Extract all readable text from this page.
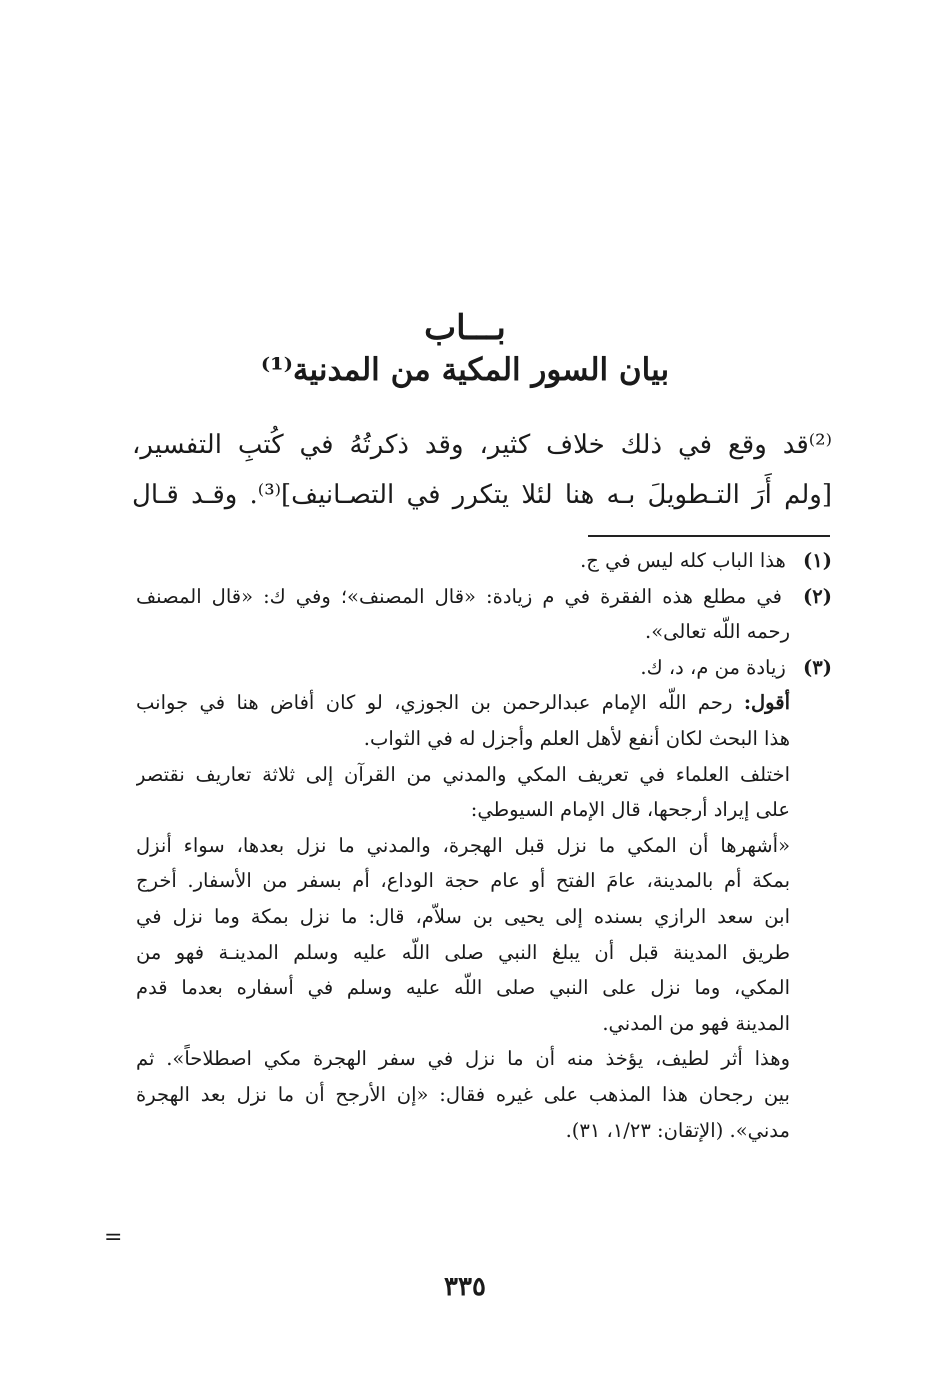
بـــاب
بيان السور المكية من المدنية⁽¹⁾
⁽²⁾قد وقع في ذلك خلاف كثير، وقد ذكرتُهُ في كُتبِ التفسير،
[ولم أَرَ التـطويلَ بـه هنا لئلا يتكرر في التصـانيف]⁽³⁾. وقـد قـال
(١) هذا الباب كله ليس في ج.
(٢) في مطلع هذه الفقرة في م زيادة: «قال المصنف»؛ وفي ك: «قال المصنف
رحمه اللّه تعالى».
(٣) زيادة من م، د، ك.
أقول: رحم اللّه الإمام عبدالرحمن بن الجوزي، لو كان أفاض هنا في جوانب
هذا البحث لكان أنفع لأهل العلم وأجزل له في الثواب.
اختلف العلماء في تعريف المكي والمدني من القرآن إلى ثلاثة تعاريف نقتصر
على إيراد أرجحها، قال الإمام السيوطي:
«أشهرها أن المكي ما نزل قبل الهجرة، والمدني ما نزل بعدها، سواء أنزل
بمكة أم بالمدينة، عامَ الفتح أو عام حجة الوداع، أم بسفر من الأسفار. أخرج
ابن سعد الرازي بسنده إلى يحيى بن سلاّم، قال: ما نزل بمكة وما نزل في
طريق المدينة قبل أن يبلغ النبي صلى اللّه عليه وسلم المدينـة فهو من
المكي، وما نزل على النبي صلى اللّه عليه وسلم في أسفاره بعدما قدم
المدينة فهو من المدني.
وهذا أثر لطيف، يؤخذ منه أن ما نزل في سفر الهجرة مكي اصطلاحاً». ثم
بين رجحان هذا المذهب على غيره فقال: «إن الأرجح أن ما نزل بعد الهجرة
مدني». (الإتقان: ١/٢٣، ٣١).
=
٣٣٥
